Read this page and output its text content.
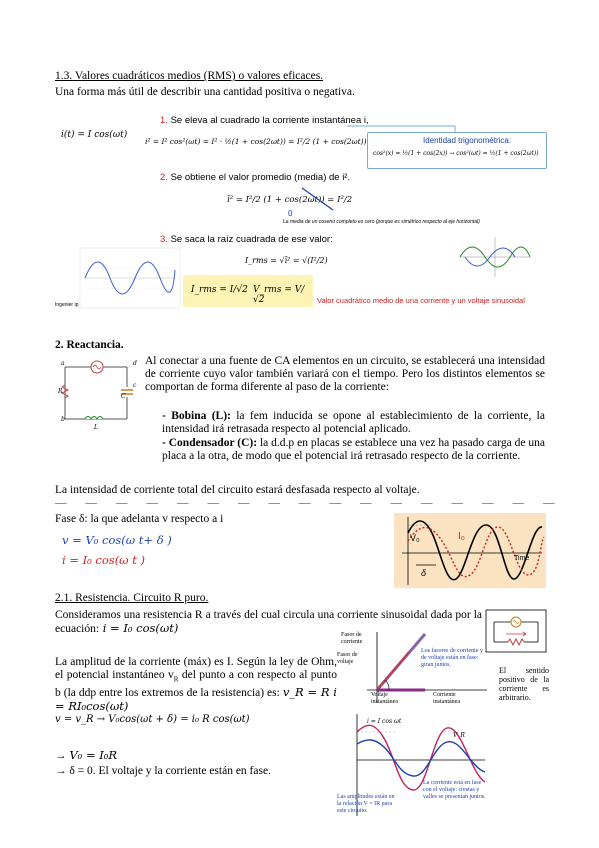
1.3. Valores cuadráticos medios (RMS) o valores eficaces.
Una forma más útil de describir una cantidad positiva o negativa.
i(t) = I cos(ωt)
1. Se eleva al cuadrado la corriente instantánea i,
i² = I² cos²(ωt) = I² · ½(1 + cos(2ωt)) = I²/2 (1 + cos(2ωt))	Identidad trigonométrica:
cos²(x) = ½(1 + cos(2x)) → cos²(ωt) = ½(1 + cos(2ωt))
2. Se obtiene el valor promedio (media) de i².
ī² = I²/2 (1 + cos(2ωt)) = I²/2
0
La media de un coseno completo es cero (porque es simétrico respecto al eje horizontal)
3. Se saca la raíz cuadrada de ese valor:
I_rms = √ī² = √(I²/2)
I_rms = I/√2 V_rms = V/√2	Valor cuadrático medio de una corriente y un voltaje sinusoidal
Ingenier ip
2. Reactancia.
a
b
c
d
R
L
C
Al conectar a una fuente de CA elementos en un circuito, se establecerá una intensidad de corriente cuyo valor también variará con el tiempo. Pero los distintos elementos se comportan de forma diferente al paso de la corriente:
- Bobina (L): la fem inducida se opone al establecimiento de la corriente, la intensidad irá retrasada respecto al potencial aplicado.
- Condensador (C): la d.d.p en placas se establece una vez ha pasado carga de una placa a la otra, de modo que el potencial irá retrasado respecto de la corriente.
La intensidad de corriente total del circuito estará desfasada respecto al voltaje.
—————————————————
Fase δ: la que adelanta v respecto a i
v = V₀ cos(ω t+ δ )
i = I₀ cos(ω t )
V₀	I₀
Time
δ
2.1. Resistencia. Circuito R puro.
Consideramos una resistencia R a través del cual circula una corriente sinusoidal dada por la ecuación: i = I₀ cos(ωt)
El sentido positivo de la corriente es arbitrario.
La amplitud de la corriente (máx) es I. Según la ley de Ohm, el potencial instantáneo $v_R$ del punto a con respecto al punto b (la ddp entre los extremos de la resistencia) es: v_R = R i = RI₀cos(ωt)
v = v_R → V₀cos(ωt + δ) = i₀ R cos(ωt)
→ V₀ = I₀R
→ δ = 0. El voltaje y la corriente están en fase.
Fasor de corriente
Fasor de voltaje
Los fasores de corriente y de voltaje están en fase: giran juntos.
Voltaje instantáneo
Corriente instantánea
i = I cos ωt
V_R
La corriente está en fase con el voltaje: crestas y valles se presentan juntos.
Las amplitudes están en la relación V = IR para este circuito.
